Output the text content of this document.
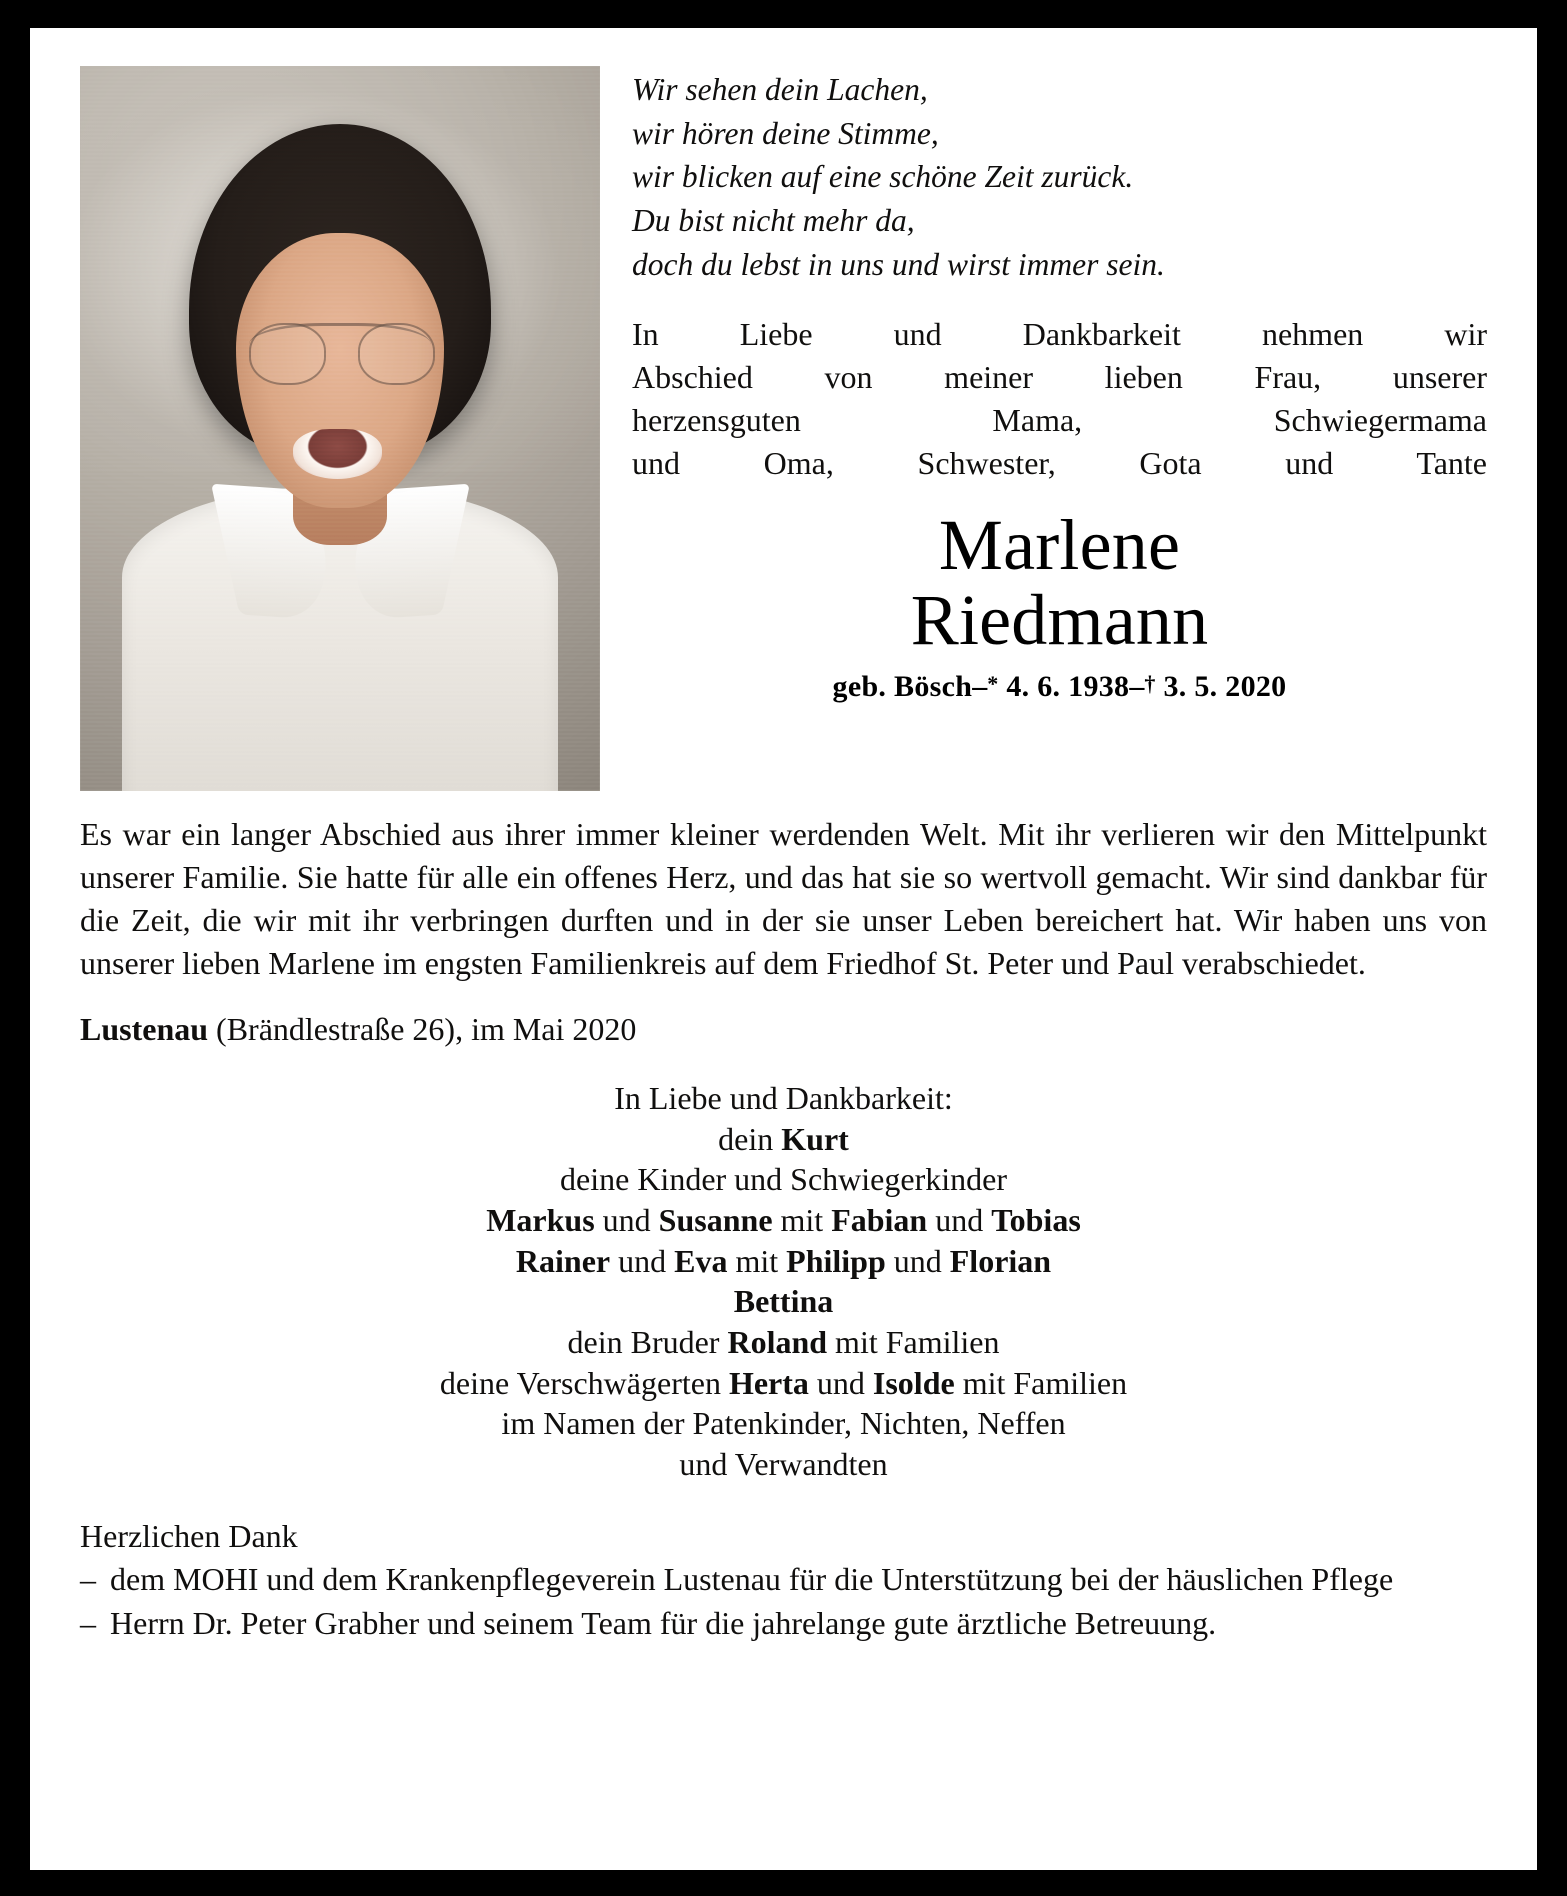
Wir sehen dein Lachen,
wir hören deine Stimme,
wir blicken auf eine schöne Zeit zurück.
Du bist nicht mehr da,
doch du lebst in uns und wirst immer sein.
In Liebe und Dankbarkeit nehmen wir
Abschied von meiner lieben Frau, unserer
herzensguten Mama, Schwiegermama
und Oma, Schwester, Gota und Tante
Marlene
Riedmann
geb. Bösch–* 4. 6. 1938–† 3. 5. 2020
Es war ein langer Abschied aus ihrer immer kleiner werdenden Welt. Mit ihr verlieren wir den Mittelpunkt unserer Familie. Sie hatte für alle ein offenes Herz, und das hat sie so wertvoll gemacht. Wir sind dankbar für die Zeit, die wir mit ihr verbringen durften und in der sie unser Leben bereichert hat. Wir haben uns von unserer lieben Marlene im engsten Familienkreis auf dem Friedhof St. Peter und Paul verabschiedet.
Lustenau (Brändlestraße 26), im Mai 2020
In Liebe und Dankbarkeit:
dein Kurt
deine Kinder und Schwiegerkinder
Markus und Susanne mit Fabian und Tobias
Rainer und Eva mit Philipp und Florian
Bettina
dein Bruder Roland mit Familien
deine Verschwägerten Herta und Isolde mit Familien
im Namen der Patenkinder, Nichten, Neffen
und Verwandten
Herzlichen Dank
– dem MOHI und dem Krankenpflegeverein Lustenau für die Unterstützung bei der häuslichen Pflege
– Herrn Dr. Peter Grabher und seinem Team für die jahrelange gute ärztliche Betreuung.
